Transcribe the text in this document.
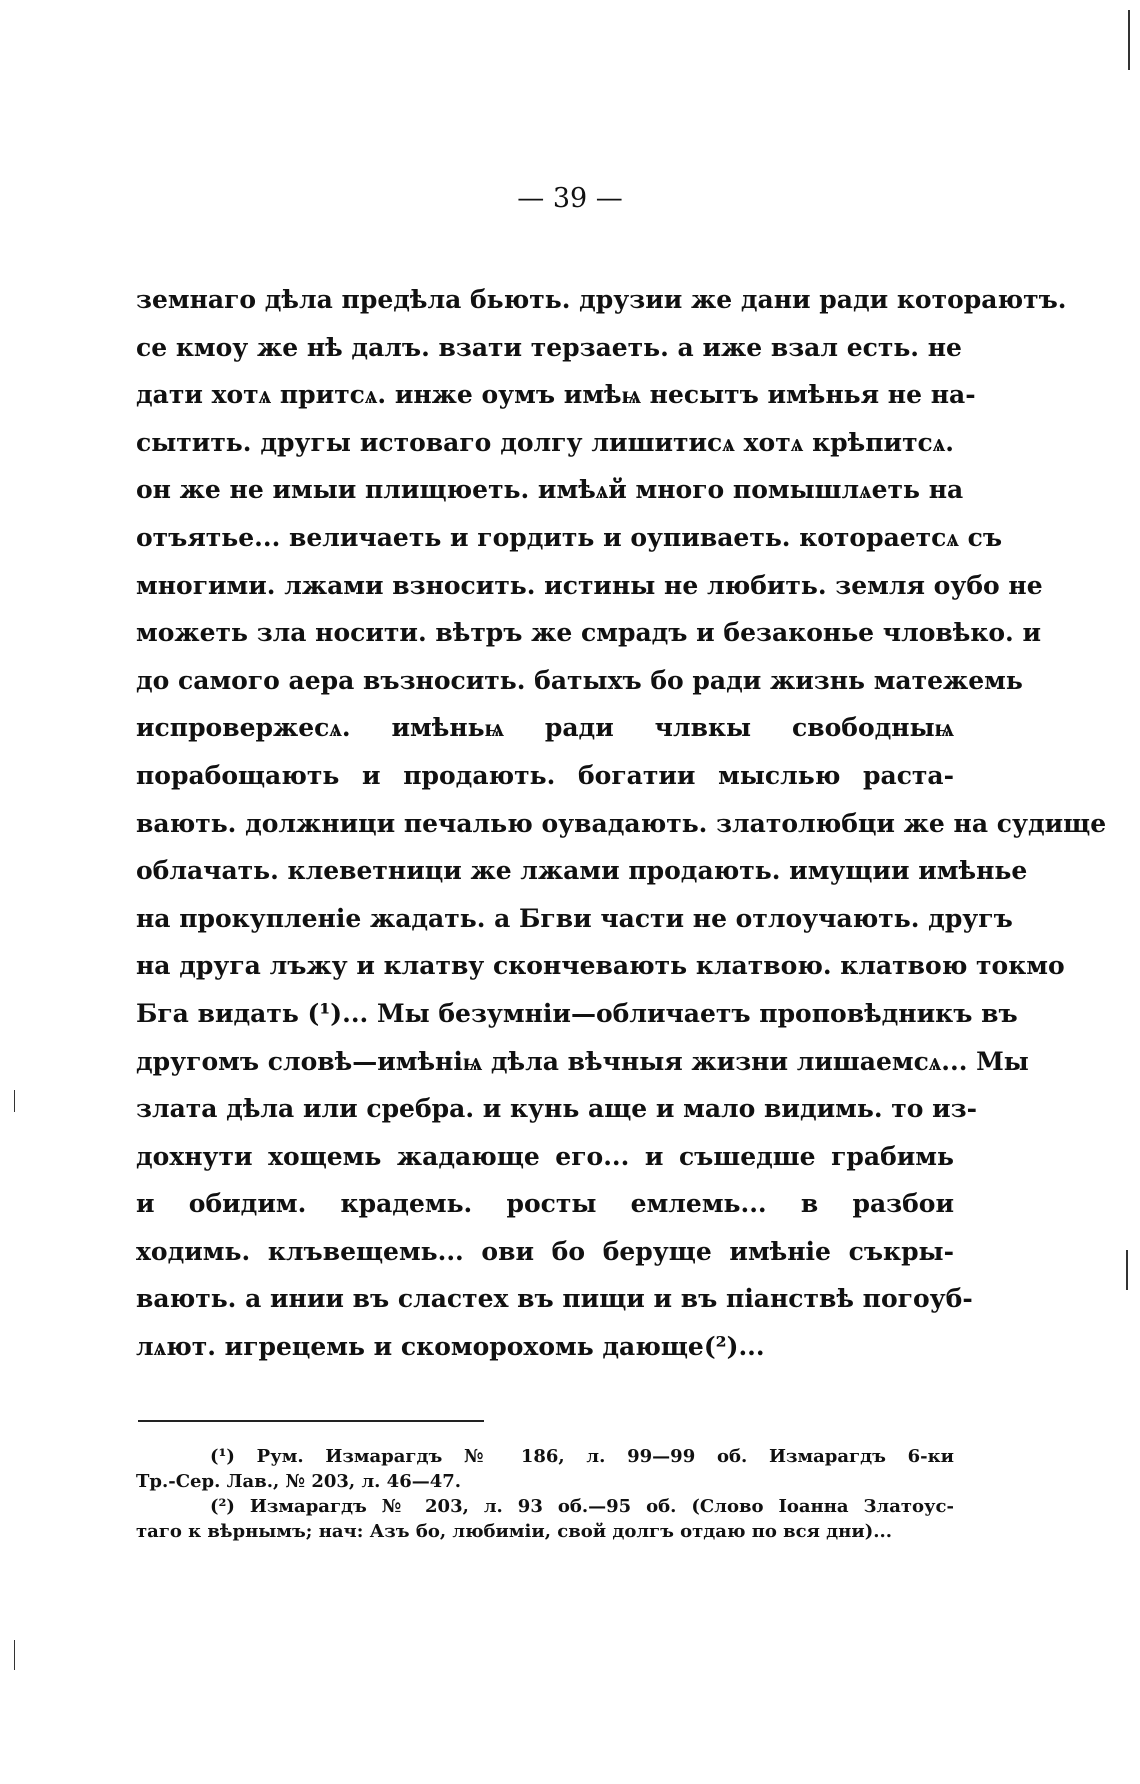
— 39 —
земнаго дѣла предѣла бьють. друзии же дани ради котораютъ.
се кмоу же нѣ далъ. взати терзаеть. а иже взал есть. не
дати хотѧ притсѧ. инже оумъ имѣѩ несытъ имѣнья не на-
сытить. другы истоваго долгу лишитисѧ хотѧ крѣпитсѧ.
он же не имыи плищюеть. имѣѧй много помышлѧеть на
отъятье... величаеть и гордить и оупиваеть. котораетсѧ съ
многими. лжами взносить. истины не любить. земля оубо не
можеть зла носити. вѣтръ же смрадъ и безаконье чловѣко. и
до самого аера възносить. батыхъ бо ради жизнь матежемь
испровержесѧ. имѣньѩ ради члвкы свободныѩ
порабощають и продають. богатии мыслью раста-
вають. должници печалью оувадають. златолюбци же на судище
облачать. клеветници же лжами продають. имущии имѣнье
на прокупленіе жадать. а Бгви части не отлоучають. другъ
на друга лъжу и клатву скончевають клатвою. клатвою токмо
Бга видать (¹)... Мы безумніи—обличаетъ проповѣдникъ въ
другомъ словѣ—имѣніѩ дѣла вѣчныя жизни лишаемсѧ... Мы
злата дѣла или сребра. и кунь аще и мало видимь. то из-
дохнути хощемь жадающе его... и съшедше грабимь
и обидим. крадемь. росты емлемь... в разбои
ходимь. клъвещемь... ови бо беруще имѣніе съкры-
вають. а инии въ сластех въ пищи и въ піанствѣ погоуб-
лѧют. игрецемь и скоморохомь дающе(²)...
(¹) Рум. Измарагдъ № 186, л. 99—99 об. Измарагдъ 6-ки
Тр.-Сер. Лав., № 203, л. 46—47.
(²) Измарагдъ № 203, л. 93 об.—95 об. (Слово Іоанна Златоус-
таго к вѣрнымъ; нач: Азъ бо, любиміи, свой долгъ отдаю по вся дни)...
